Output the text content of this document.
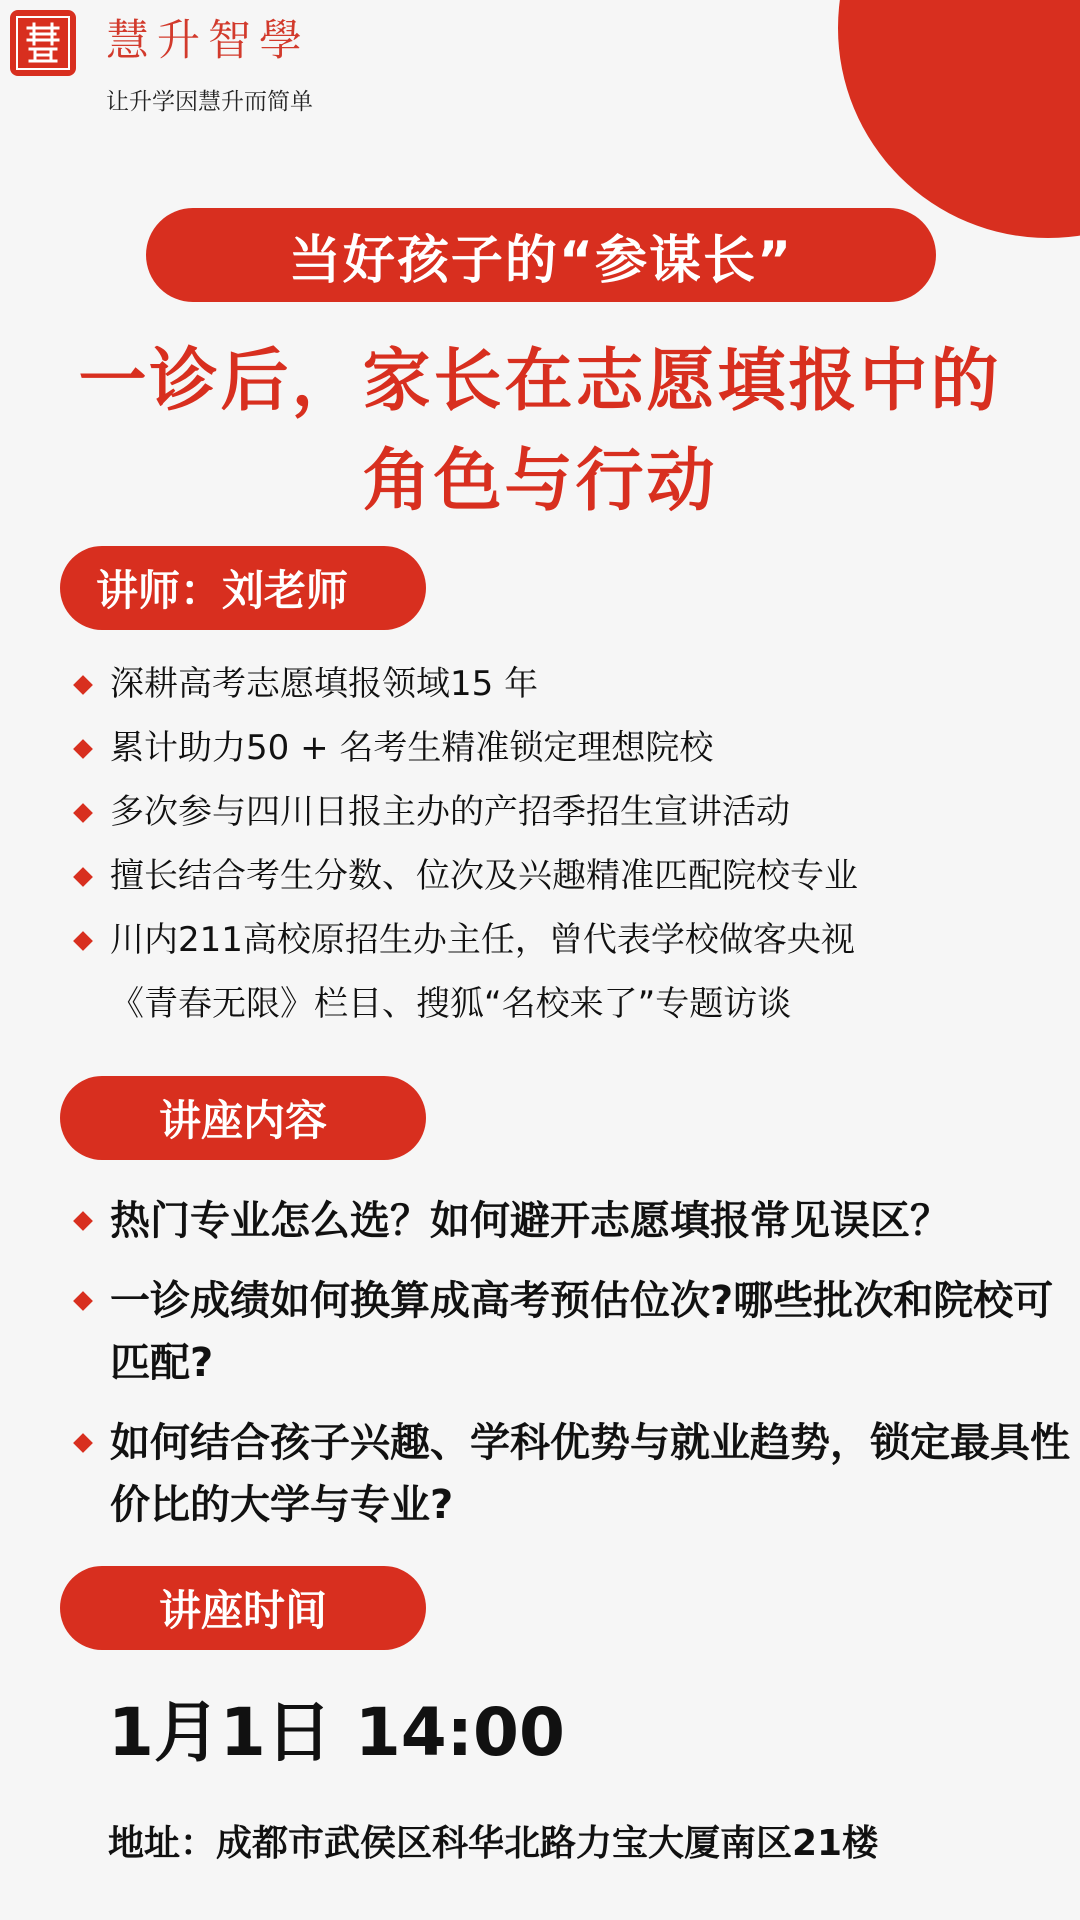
慧升智學
让升学因慧升而简单
当好孩子的“参谋长”
一诊后，家长在志愿填报中的
角色与行动
讲师：刘老师
深耕高考志愿填报领域15 年
累计助力50 + 名考生精准锁定理想院校
多次参与四川日报主办的产招季招生宣讲活动
擅长结合考生分数、位次及兴趣精准匹配院校专业
川内211高校原招生办主任，曾代表学校做客央视
《青春无限》栏目、搜狐“名校来了”专题访谈
讲座内容
热门专业怎么选？如何避开志愿填报常见误区？
一诊成绩如何换算成高考预估位次?哪些批次和院校可匹配?
如何结合孩子兴趣、学科优势与就业趋势，锁定最具性价比的大学与专业?
讲座时间
1月1日 14:00
地址：成都市武侯区科华北路力宝大厦南区21楼
